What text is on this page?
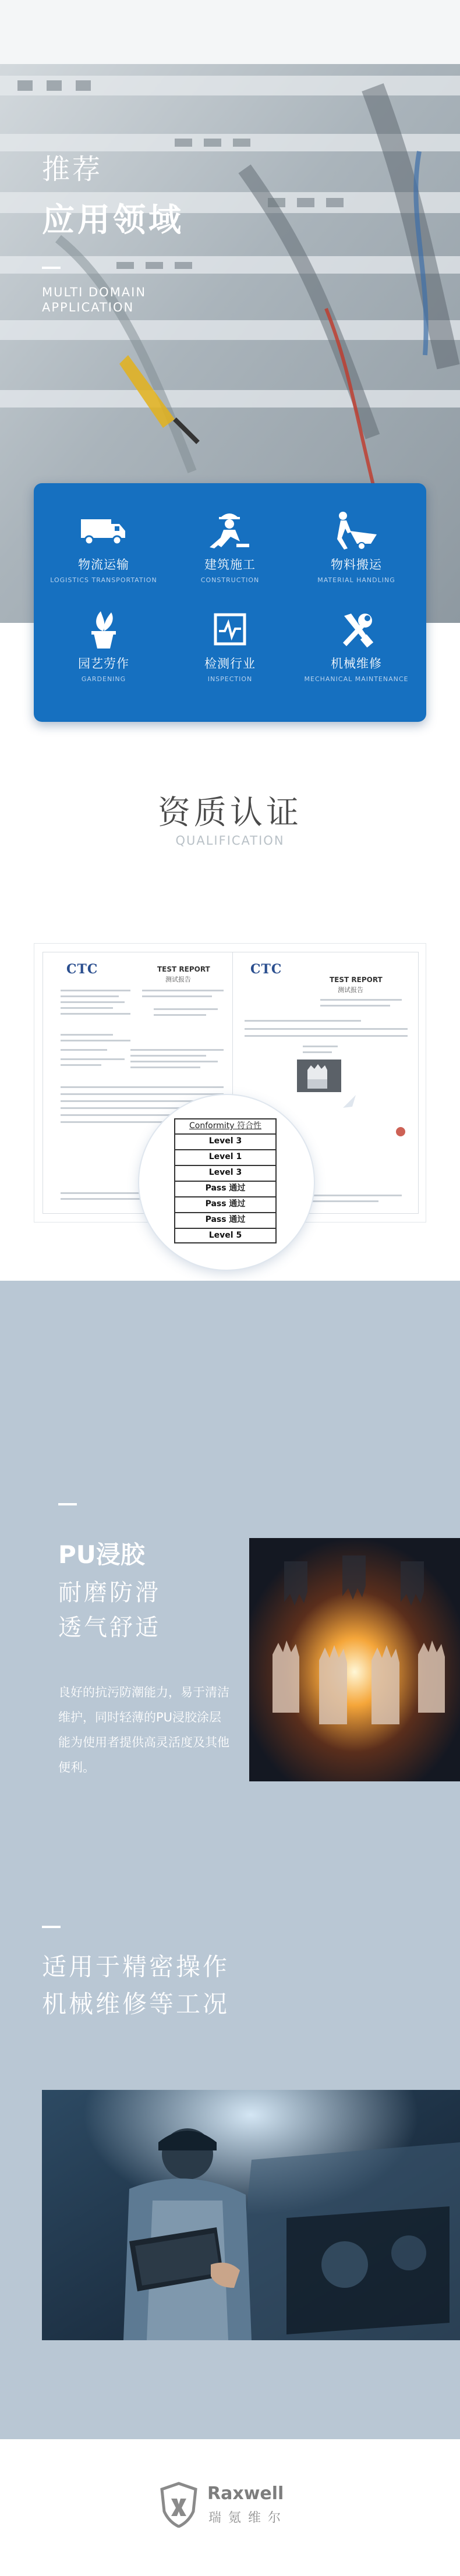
推荐
应用领域
MULTI DOMAIN
APPLICATION
物流运输
LOGISTICS TRANSPORTATION
建筑施工
CONSTRUCTION
物料搬运
MATERIAL HANDLING
园艺劳作
GARDENING
检测行业
INSPECTION
机械维修
MECHANICAL MAINTENANCE
资质认证
QUALIFICATION
CTC	TEST REPORT
测试报告
CTC
TEST REPORT
测试报告
Conformity 符合性
Level 3
Level 1
Level 3
Pass 通过
Pass 通过
Pass 通过
Level 5
PU浸胶
耐磨防滑
透气舒适
良好的抗污防潮能力，易于清洁维护，同时轻薄的PU浸胶涂层能为使用者提供高灵活度及其他便利。
适用于精密操作
机械维修等工况
Raxwell
瑞氪维尔
